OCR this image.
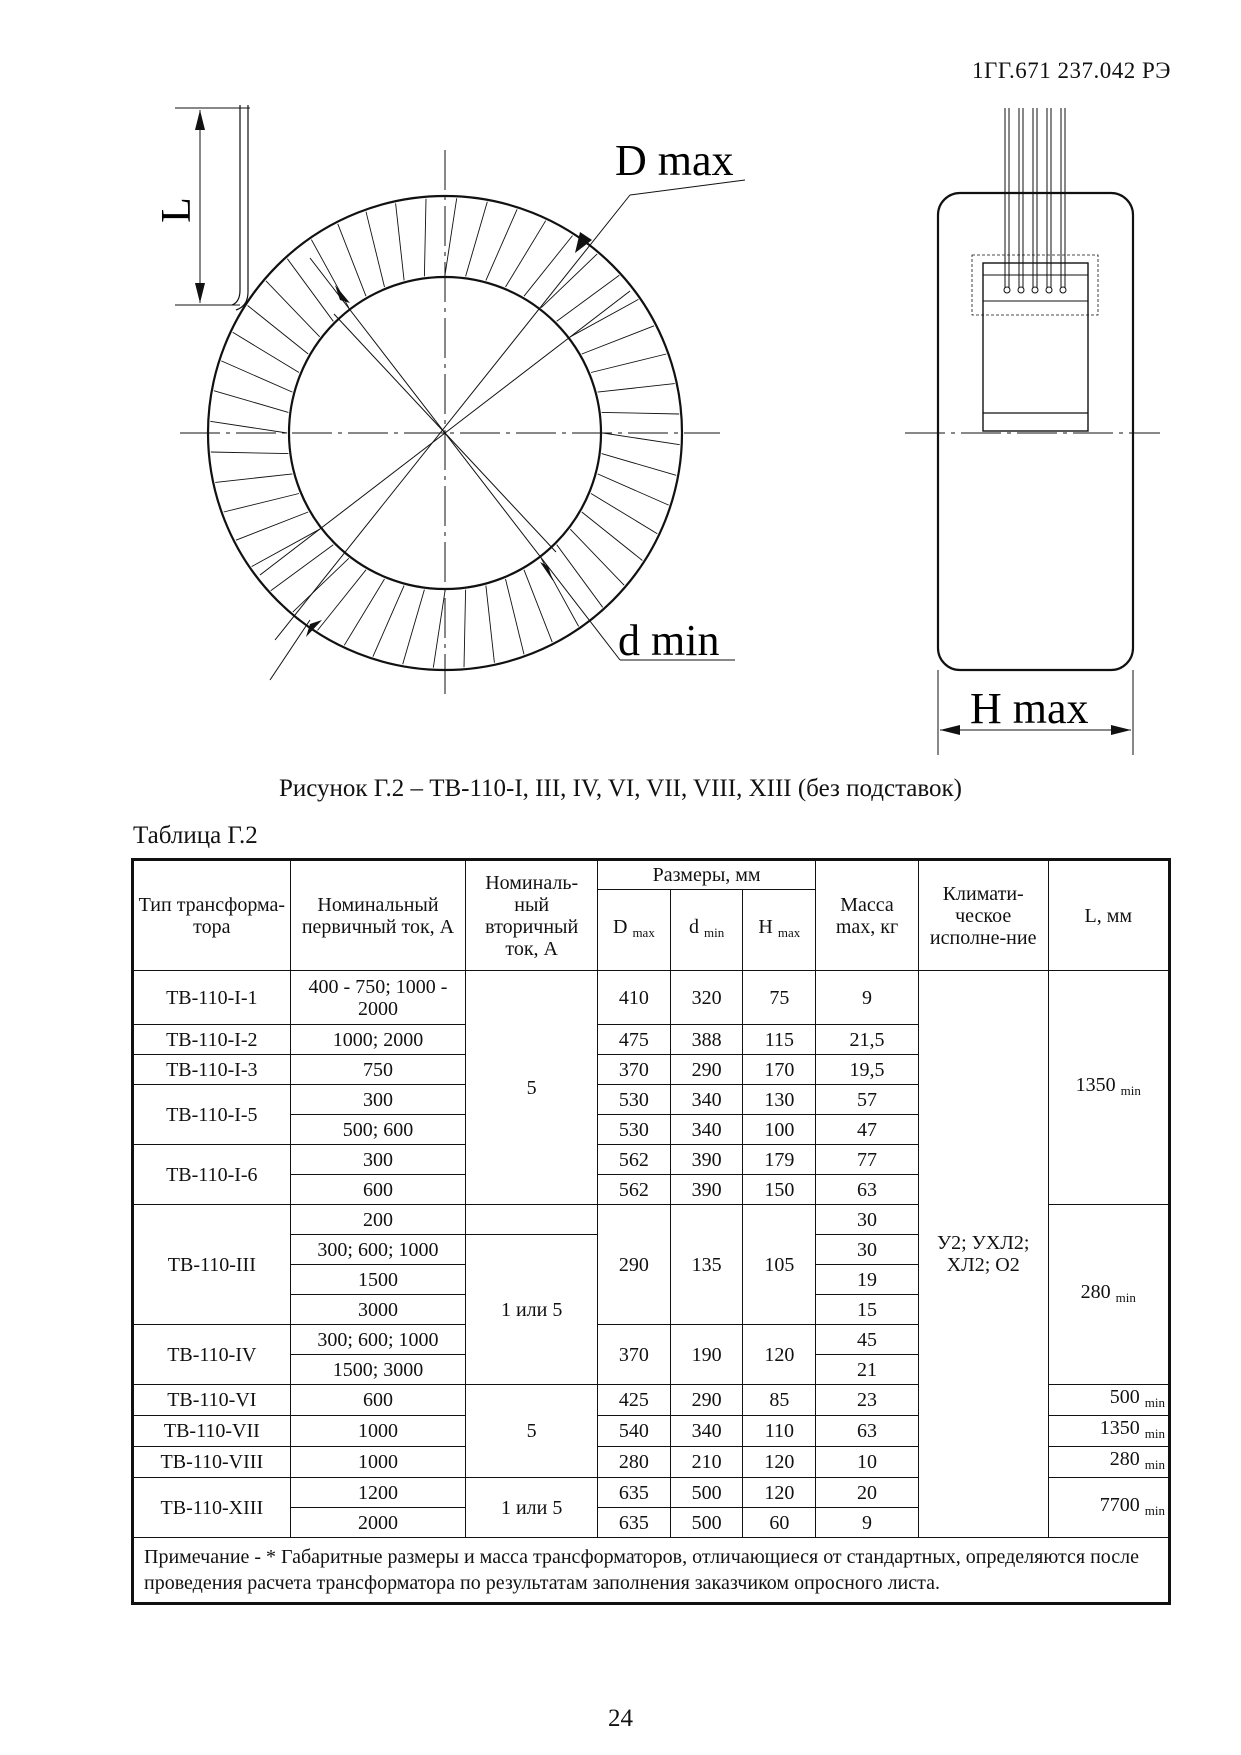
1ГГ.671 237.042 РЭ
L
D max
d min
H max
Рисунок Г.2 – ТВ-110-I, III, IV, VI, VII, VIII, XIII (без подставок)
Таблица Г.2
Тип трансформа-тора	Номинальный первичный ток, А	Номиналь-ный вторичный ток, А	Размеры, мм			Масса max, кг	Климати-ческое исполне-ние	L, мм
			D $_{max}$	d $_{min}$	H $_{max}$
ТВ-110-I-1	400 - 750; 1000 - 2000	5	410	320	75	9	У2; УХЛ2; ХЛ2; О2	1350 $_{min}$
ТВ-110-I-2	1000; 2000		475	388	115	21,5		
ТВ-110-I-3	750		370	290	170	19,5		
ТВ-110-I-5	300		530	340	130	57		
	500; 600		530	340	100	47		
ТВ-110-I-6	300		562	390	179	77		
	600		562	390	150	63		
ТВ-110-III	200		290	135	105	30		280 $_{min}$
	300; 600; 1000	1 или 5				30		
	1500					19		
	3000					15		
ТВ-110-IV	300; 600; 1000		370	190	120	45		
	1500; 3000					21		
ТВ-110-VI	600	5	425	290	85	23		500 $_{min}$
ТВ-110-VII	1000		540	340	110	63		1350 $_{min}$
ТВ-110-VIII	1000		280	210	120	10		280 $_{min}$
ТВ-110-XIII	1200	1 или 5	635	500	120	20		7700 $_{min}$
	2000		635	500	60	9		
Примечание - * Габаритные размеры и масса трансформаторов, отличающиеся от стандартных, определяются после проведения расчета трансформатора по результатам заполнения заказчиком опросного листа.								
24
